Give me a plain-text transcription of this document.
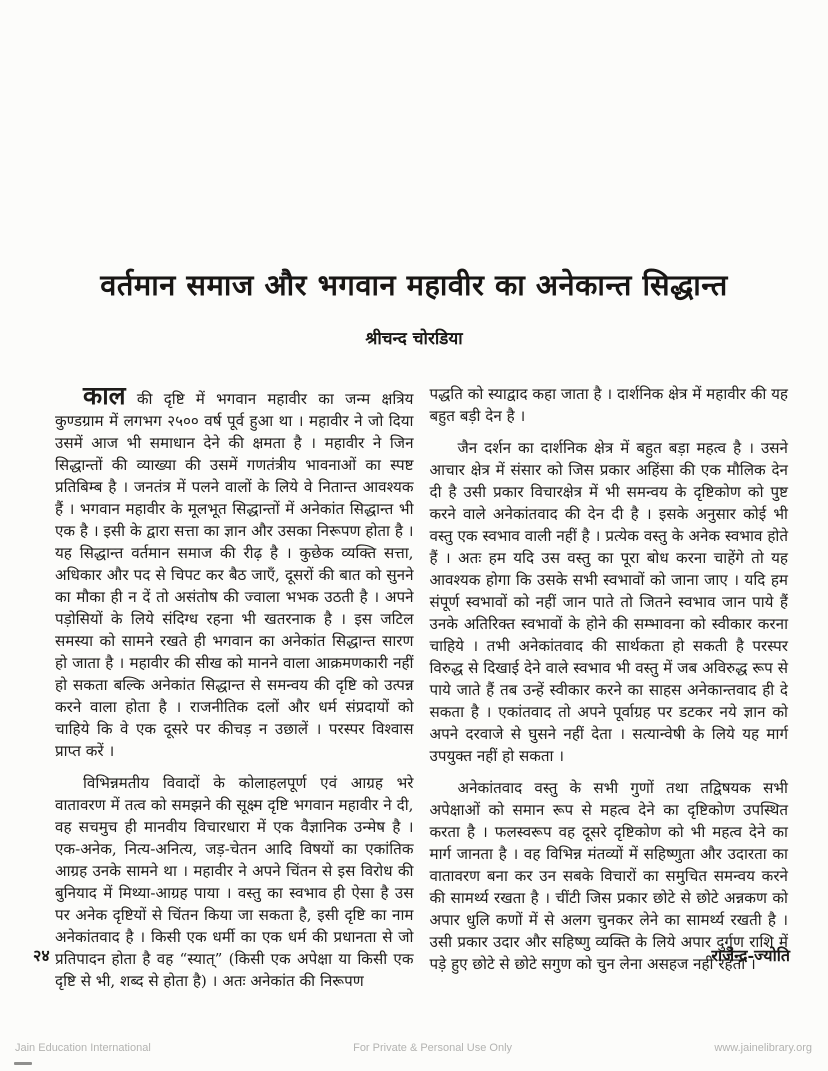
वर्तमान समाज और भगवान महावीर का अनेकान्त सिद्धान्त
श्रीचन्द चोरडिया

काल की दृष्टि में भगवान महावीर का जन्म क्षत्रिय कुण्डग्राम में लगभग २५०० वर्ष पूर्व हुआ था । महावीर ने जो दिया उसमें आज भी समाधान देने की क्षमता है । महावीर ने जिन सिद्धान्तों की व्याख्या की उसमें गणतंत्रीय भावनाओं का स्पष्ट प्रतिबिम्ब है । जनतंत्र में पलने वालों के लिये वे नितान्त आवश्यक हैं । भगवान महावीर के मूलभूत सिद्धान्तों में अनेकांत सिद्धान्त भी एक है । इसी के द्वारा सत्ता का ज्ञान और उसका निरूपण होता है । यह सिद्धान्त वर्तमान समाज की रीढ़ है । कुछेक व्यक्ति सत्ता, अधिकार और पद से चिपट कर बैठ जाएँ, दूसरों की बात को सुनने का मौका ही न दें तो असंतोष की ज्वाला भभक उठती है । अपने पड़ोसियों के लिये संदिग्ध रहना भी खतरनाक है । इस जटिल समस्या को सामने रखते ही भगवान का अनेकांत सिद्धान्त सारण हो जाता है । महावीर की सीख को मानने वाला आक्रमणकारी नहीं हो सकता बल्कि अनेकांत सिद्धान्त से समन्वय की दृष्टि को उत्पन्न करने वाला होता है । राजनीतिक दलों और धर्म संप्रदायों को चाहिये कि वे एक दूसरे पर कीचड़ न उछालें । परस्पर विश्वास प्राप्त करें ।

विभिन्नमतीय विवादों के कोलाहलपूर्ण एवं आग्रह भरे वातावरण में तत्व को समझने की सूक्ष्म दृष्टि भगवान महावीर ने दी, वह सचमुच ही मानवीय विचारधारा में एक वैज्ञानिक उन्मेष है । एक-अनेक, नित्य-अनित्य, जड़-चेतन आदि विषयों का एकांतिक आग्रह उनके सामने था । महावीर ने अपने चिंतन से इस विरोध की बुनियाद में मिथ्या-आग्रह पाया । वस्तु का स्वभाव ही ऐसा है उस पर अनेक दृष्टियों से चिंतन किया जा सकता है, इसी दृष्टि का नाम अनेकांतवाद है । किसी एक धर्मी का एक धर्म की प्रधानता से जो प्रतिपादन होता है वह “स्यात्” (किसी एक अपेक्षा या किसी एक दृष्टि से भी, शब्द से होता है) । अतः अनेकांत की निरूपण

पद्धति को स्याद्वाद कहा जाता है । दार्शनिक क्षेत्र में महावीर की यह बहुत बड़ी देन है ।

जैन दर्शन का दार्शनिक क्षेत्र में बहुत बड़ा महत्व है । उसने आचार क्षेत्र में संसार को जिस प्रकार अहिंसा की एक मौलिक देन दी है उसी प्रकार विचारक्षेत्र में भी समन्वय के दृष्टिकोण को पुष्ट करने वाले अनेकांतवाद की देन दी है । इसके अनुसार कोई भी वस्तु एक स्वभाव वाली नहीं है । प्रत्येक वस्तु के अनेक स्वभाव होते हैं । अतः हम यदि उस वस्तु का पूरा बोध करना चाहेंगे तो यह आवश्यक होगा कि उसके सभी स्वभावों को जाना जाए । यदि हम संपूर्ण स्वभावों को नहीं जान पाते तो जितने स्वभाव जान पाये हैं उनके अतिरिक्त स्वभावों के होने की सम्भावना को स्वीकार करना चाहिये । तभी अनेकांतवाद की सार्थकता हो सकती है परस्पर विरुद्ध से दिखाई देने वाले स्वभाव भी वस्तु में जब अविरुद्ध रूप से पाये जाते हैं तब उन्हें स्वीकार करने का साहस अनेकान्तवाद ही दे सकता है । एकांतवाद तो अपने पूर्वाग्रह पर डटकर नये ज्ञान को अपने दरवाजे से घुसने नहीं देता । सत्यान्वेषी के लिये यह मार्ग उपयुक्त नहीं हो सकता ।

अनेकांतवाद वस्तु के सभी गुणों तथा तद्विषयक सभी अपेक्षाओं को समान रूप से महत्व देने का दृष्टिकोण उपस्थित करता है । फलस्वरूप वह दूसरे दृष्टिकोण को भी महत्व देने का मार्ग जानता है । वह विभिन्न मंतव्यों में सहिष्णुता और उदारता का वातावरण बना कर उन सबके विचारों का समुचित समन्वय करने की सामर्थ्य रखता है । चींटी जिस प्रकार छोटे से छोटे अन्नकण को अपार धुलि कणों में से अलग चुनकर लेने का सामर्थ्य रखती है । उसी प्रकार उदार और सहिष्णु व्यक्ति के लिये अपार दुर्गुण राशि में पड़े हुए छोटे से छोटे सगुण को चुन लेना असहज नहीं रहता ।

२४	राजेन्द्र-ज्योति
Jain Education International	For Private & Personal Use Only	www.jainelibrary.org
